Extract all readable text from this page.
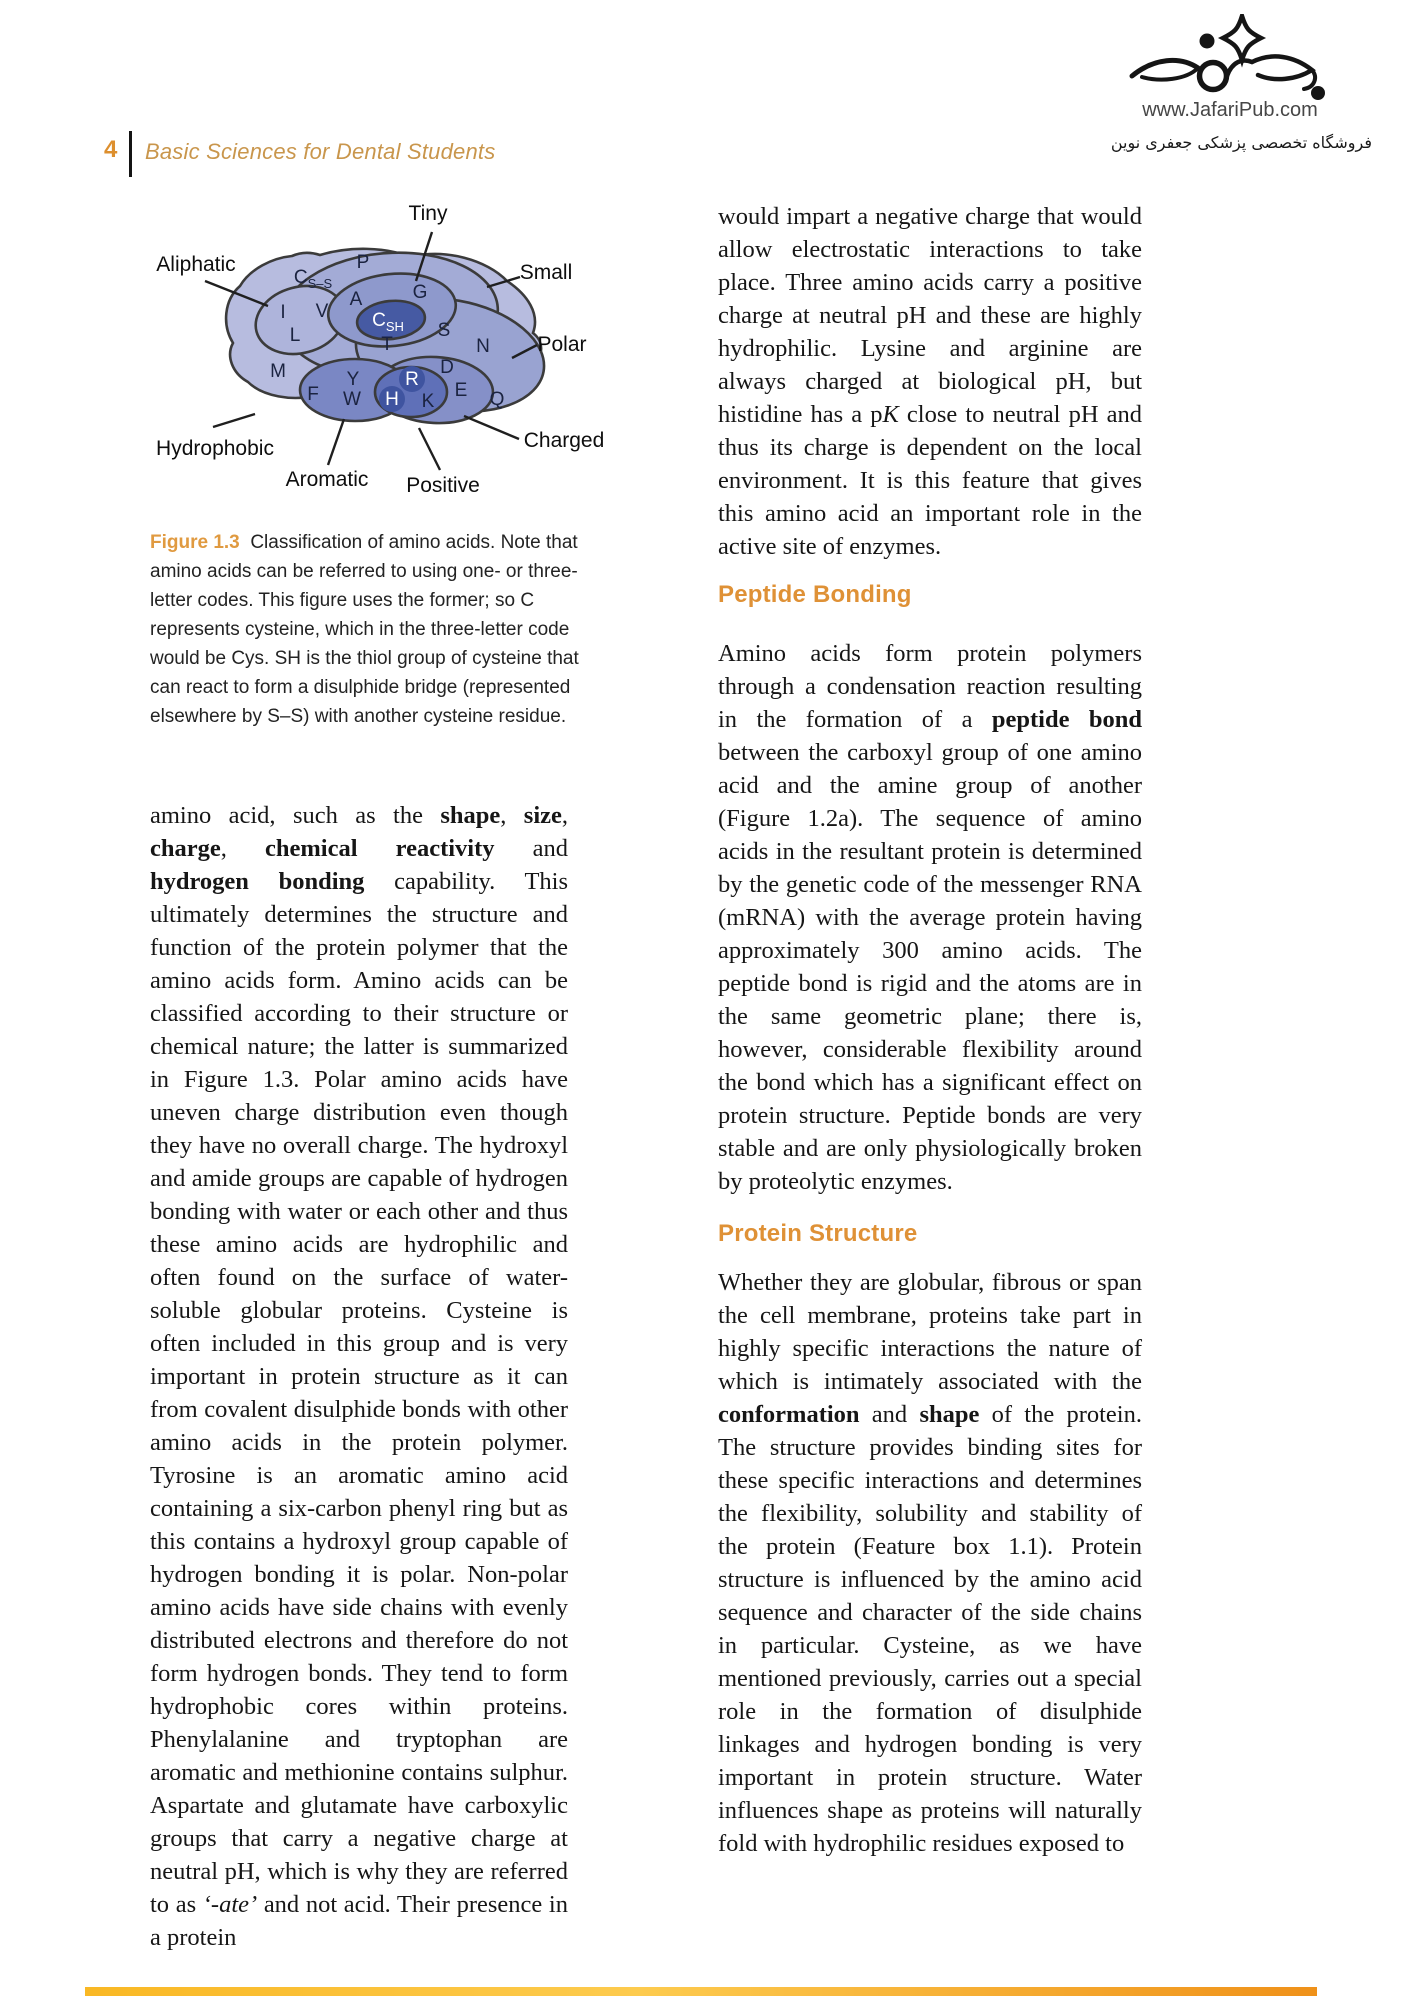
4 Basic Sciences for Dental Students
www.JafariPub.com
فروشگاه تخصصی پزشکی جعفری نوین
P
$C_{S-S}$
A	G
$C_{SH}$
I V
L	T
S
N
M	Y
D
R
F W H K
E Q
Tiny
Aliphatic	Small
Polar
Hydrophobic
Aromatic Positive
Charged
Figure 1.3 Classification of amino acids. Note that amino acids can be referred to using one- or three-letter codes. This figure uses the former; so C represents cysteine, which in the three-letter code would be Cys. SH is the thiol group of cysteine that can react to form a disulphide bridge (represented elsewhere by S–S) with another cysteine residue.
amino acid, such as the shape, size, charge, chemical reactivity and hydrogen bonding capability. This ultimately determines the structure and function of the protein polymer that the amino acids form. Amino acids can be classified according to their structure or chemical nature; the latter is summarized in Figure 1.3. Polar amino acids have uneven charge distribution even though they have no overall charge. The hydroxyl and amide groups are capable of hydrogen bonding with water or each other and thus these amino acids are hydrophilic and often found on the surface of water-soluble globular proteins. Cysteine is often included in this group and is very important in protein structure as it can from covalent disulphide bonds with other amino acids in the protein polymer. Tyrosine is an aromatic amino acid containing a six-carbon phenyl ring but as this contains a hydroxyl group capable of hydrogen bonding it is polar. Non-polar amino acids have side chains with evenly distributed electrons and therefore do not form hydrogen bonds. They tend to form hydrophobic cores within proteins. Phenylalanine and tryptophan are aromatic and methionine contains sulphur. Aspartate and glutamate have carboxylic groups that carry a negative charge at neutral pH, which is why they are referred to as ‘-ate’ and not acid. Their presence in a protein
would impart a negative charge that would allow electrostatic interactions to take place. Three amino acids carry a positive charge at neutral pH and these are highly hydrophilic. Lysine and arginine are always charged at biological pH, but histidine has a pK close to neutral pH and thus its charge is dependent on the local environment. It is this feature that gives this amino acid an important role in the active site of enzymes.
Peptide Bonding
Amino acids form protein polymers through a condensation reaction resulting in the formation of a peptide bond between the carboxyl group of one amino acid and the amine group of another (Figure 1.2a). The sequence of amino acids in the resultant protein is determined by the genetic code of the messenger RNA (mRNA) with the average protein having approximately 300 amino acids. The peptide bond is rigid and the atoms are in the same geometric plane; there is, however, considerable flexibility around the bond which has a significant effect on protein structure. Peptide bonds are very stable and are only physiologically broken by proteolytic enzymes.
Protein Structure
Whether they are globular, fibrous or span the cell membrane, proteins take part in highly specific interactions the nature of which is intimately associated with the conformation and shape of the protein. The structure provides binding sites for these specific interactions and determines the flexibility, solubility and stability of the protein (Feature box 1.1). Protein structure is influenced by the amino acid sequence and character of the side chains in particular. Cysteine, as we have mentioned previously, carries out a special role in the formation of disulphide linkages and hydrogen bonding is very important in protein structure. Water influences shape as proteins will naturally fold with hydrophilic residues exposed to
